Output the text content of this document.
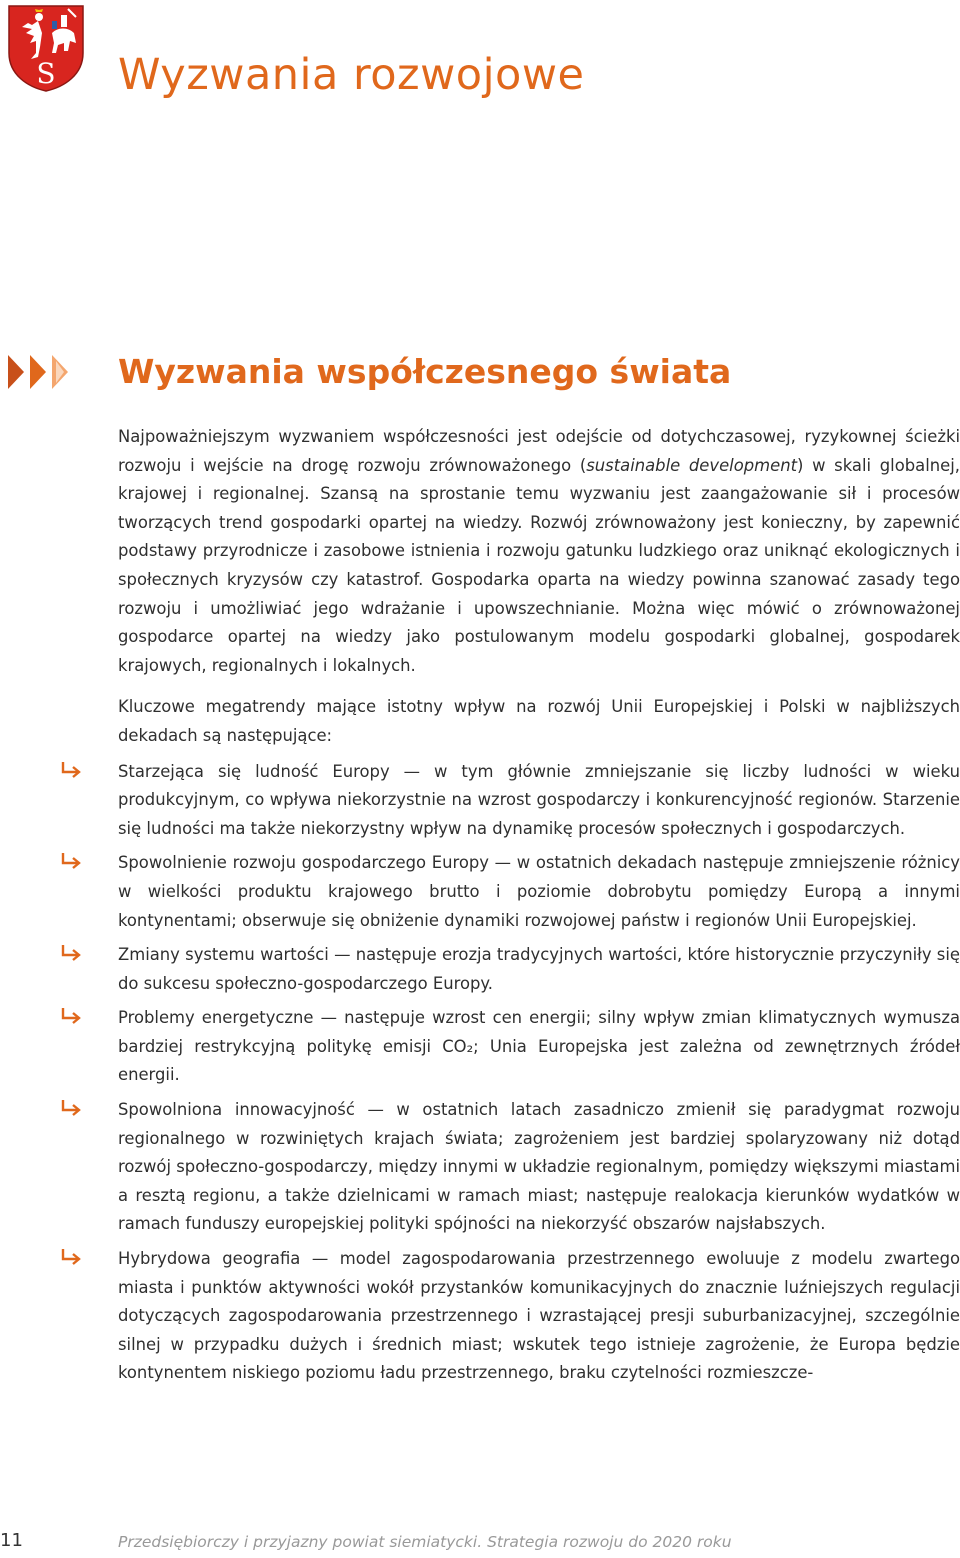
S Wyzwania rozwojowe
Wyzwania współczesnego świata

Najpoważniejszym wyzwaniem współczesności jest odejście od dotychczasowej, ryzykownej ścieżki rozwoju i wejście na drogę rozwoju zrównoważonego (sustainable development) w skali globalnej, krajowej i regionalnej. Szansą na sprostanie temu wyzwaniu jest zaangażowanie sił i procesów tworzących trend gospodarki opartej na wiedzy. Rozwój zrównoważony jest konieczny, by zapewnić podstawy przyrodnicze i zasobowe istnienia i rozwoju gatunku ludzkiego oraz uniknąć ekologicznych i społecznych kryzysów czy katastrof. Gospodarka oparta na wiedzy powinna szanować zasady tego rozwoju i umożliwiać jego wdrażanie i upowszechnianie. Można więc mówić o zrównoważonej gospodarce opartej na wiedzy jako postulowanym modelu gospodarki globalnej, gospodarek krajowych, regionalnych i lokalnych.

Kluczowe megatrendy mające istotny wpływ na rozwój Unii Europejskiej i Polski w najbliższych dekadach są następujące:

Starzejąca się ludność Europy — w tym głównie zmniejszanie się liczby ludności w wieku produkcyjnym, co wpływa niekorzystnie na wzrost gospodarczy i konkurencyjność regionów. Starzenie się ludności ma także niekorzystny wpływ na dynamikę procesów społecznych i gospodarczych.
Spowolnienie rozwoju gospodarczego Europy — w ostatnich dekadach następuje zmniejszenie różnicy w wielkości produktu krajowego brutto i poziomie dobrobytu pomiędzy Europą a innymi kontynentami; obserwuje się obniżenie dynamiki rozwojowej państw i regionów Unii Europejskiej.
Zmiany systemu wartości — następuje erozja tradycyjnych wartości, które historycznie przyczyniły się do sukcesu społeczno-gospodarczego Europy.
Problemy energetyczne — następuje wzrost cen energii; silny wpływ zmian klimatycznych wymusza bardziej restrykcyjną politykę emisji CO₂; Unia Europejska jest zależna od zewnętrznych źródeł energii.
Spowolniona innowacyjność — w ostatnich latach zasadniczo zmienił się paradygmat rozwoju regionalnego w rozwiniętych krajach świata; zagrożeniem jest bardziej spolaryzowany niż dotąd rozwój społeczno-gospodarczy, między innymi w układzie regionalnym, pomiędzy większymi miastami a resztą regionu, a także dzielnicami w ramach miast; następuje realokacja kierunków wydatków w ramach funduszy europejskiej polityki spójności na niekorzyść obszarów najsłabszych.
Hybrydowa geografia — model zagospodarowania przestrzennego ewoluuje z modelu zwartego miasta i punktów aktywności wokół przystanków komunikacyjnych do znacznie luźniejszych regulacji dotyczących zagospodarowania przestrzennego i wzrastającej presji suburbanizacyjnej, szczególnie silnej w przypadku dużych i średnich miast; wskutek tego istnieje zagrożenie, że Europa będzie kontynentem niskiego poziomu ładu przestrzennego, braku czytelności rozmieszcze-
11	Przedsiębiorczy i przyjazny powiat siemiatycki. Strategia rozwoju do 2020 roku
